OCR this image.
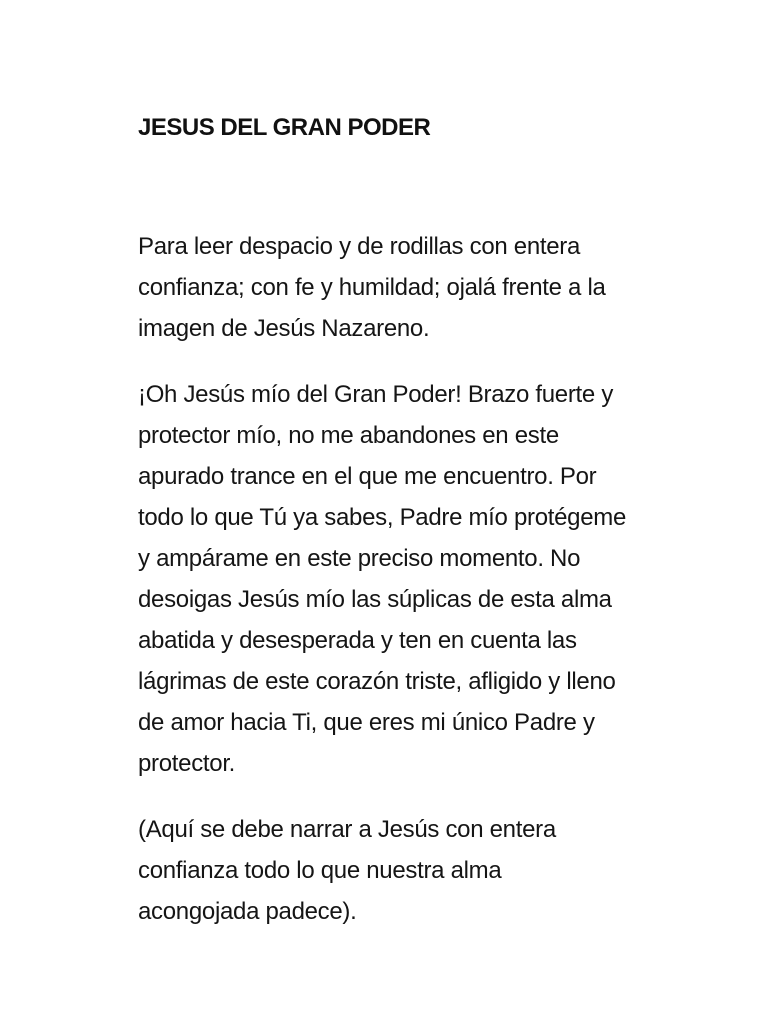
JESUS DEL GRAN PODER

Para leer despacio y de rodillas con entera
confianza; con fe y humildad; ojalá frente a la
imagen de Jesús Nazareno.

¡Oh Jesús mío del Gran Poder! Brazo fuerte y
protector mío, no me abandones en este
apurado trance en el que me encuentro. Por
todo lo que Tú ya sabes, Padre mío protégeme
y ampárame en este preciso momento. No
desoigas Jesús mío las súplicas de esta alma
abatida y desesperada y ten en cuenta las
lágrimas de este corazón triste, afligido y lleno
de amor hacia Ti, que eres mi único Padre y
protector.

(Aquí se debe narrar a Jesús con entera
confianza todo lo que nuestra alma
acongojada padece).
